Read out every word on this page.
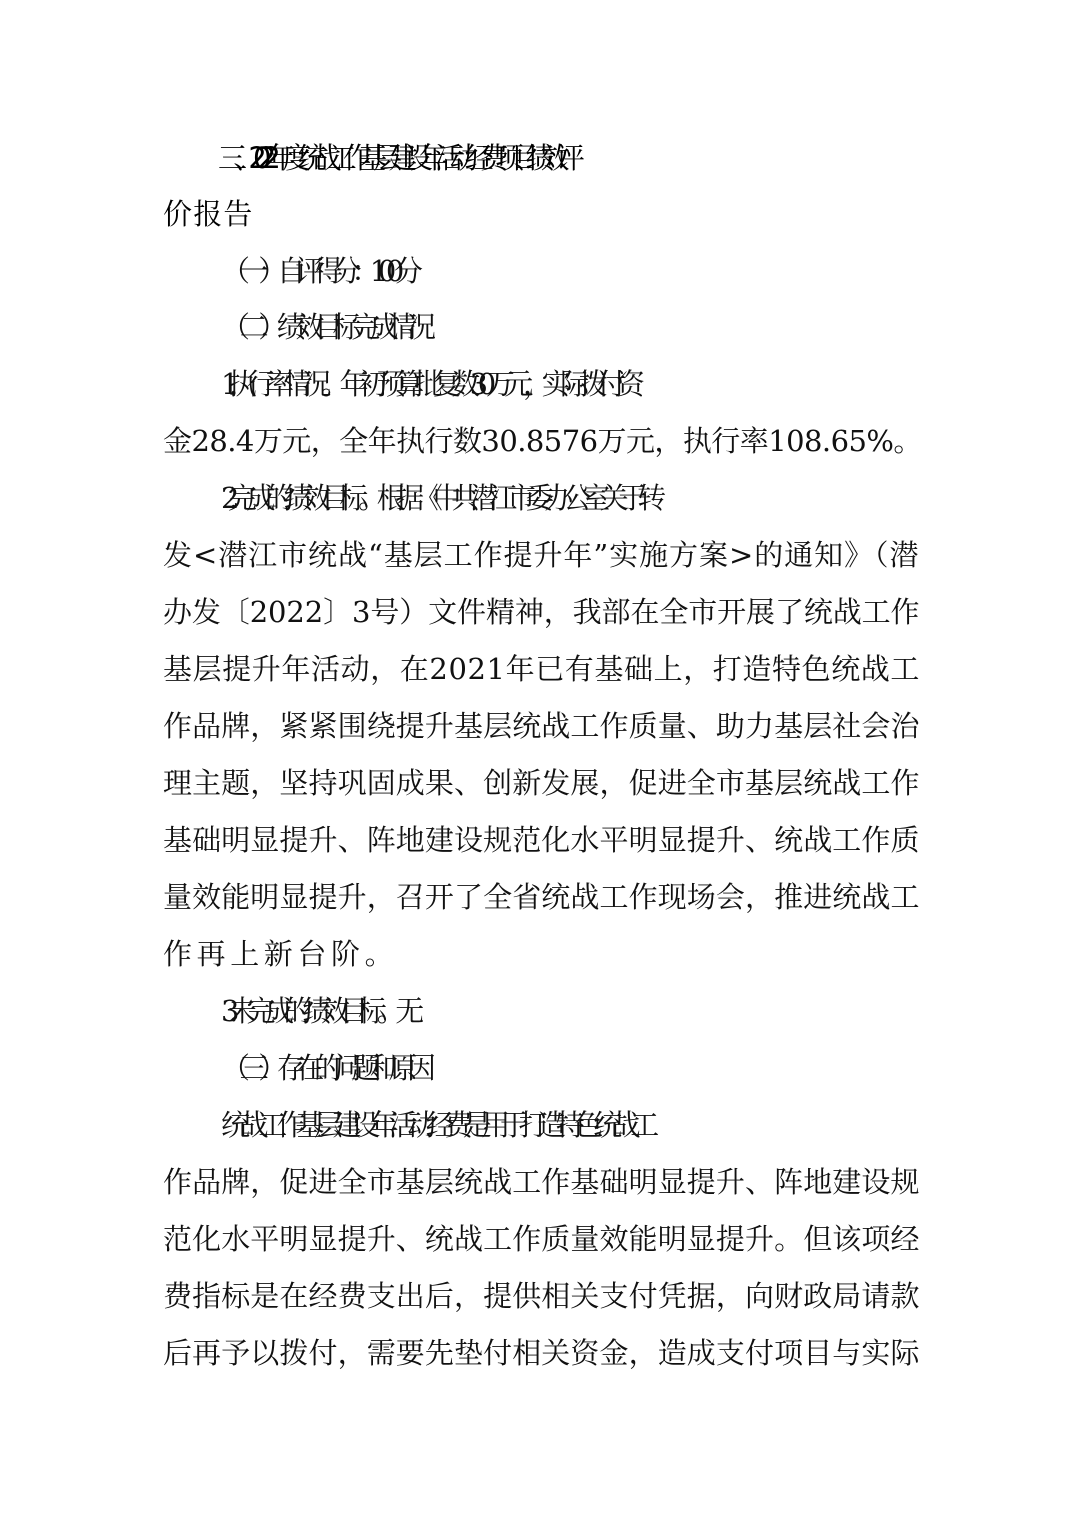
三、2022年度统战工作基层建设年活动经费项目绩效评
价报告
（一）自评得分：100分
（二）绩效目标完成情况
1.执行率情况。年初预算批复数30万元，实际拨付资
金28.4万元，全年执行数30.8576万元，执行率108.65%。
2.完成的绩效目标。根据《中共潜江市委办公室关于转
发<潜江市统战“基层工作提升年”实施方案>的通知》（潜
办发〔2022〕3号）文件精神，我部在全市开展了统战工作
基层提升年活动，在2021年已有基础上，打造特色统战工
作品牌，紧紧围绕提升基层统战工作质量、助力基层社会治
理主题，坚持巩固成果、创新发展，促进全市基层统战工作
基础明显提升、阵地建设规范化水平明显提升、统战工作质
量效能明显提升，召开了全省统战工作现场会，推进统战工
作再上新台阶。
3.未完成的绩效目标。无
（三）存在的问题和原因
统战工作基层建设年活动经费是用于打造特色统战工
作品牌，促进全市基层统战工作基础明显提升、阵地建设规
范化水平明显提升、统战工作质量效能明显提升。但该项经
费指标是在经费支出后，提供相关支付凭据，向财政局请款
后再予以拨付，需要先垫付相关资金，造成支付项目与实际
